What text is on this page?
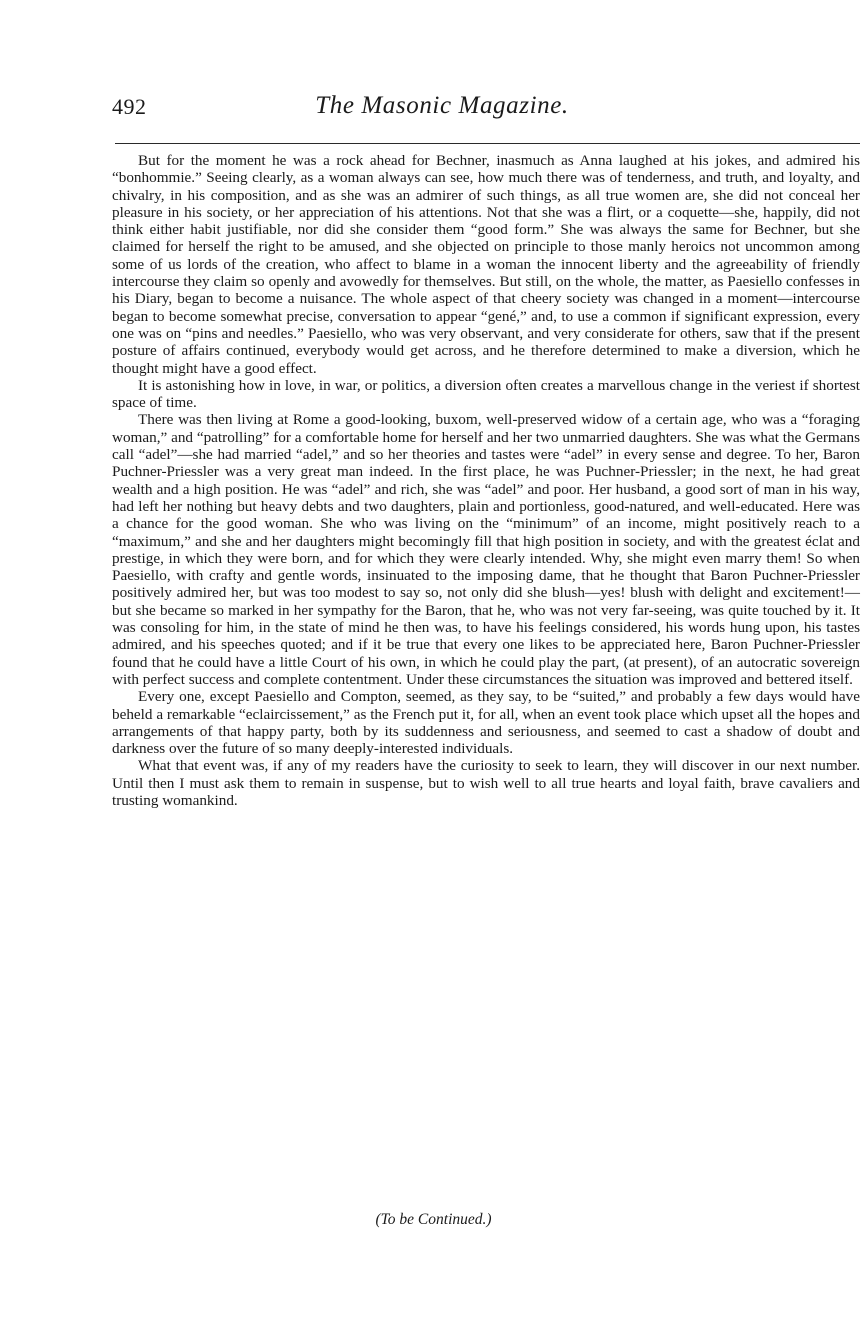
492	The Masonic Magazine.

But for the moment he was a rock ahead for Bechner, inasmuch as Anna laughed at his jokes, and admired his “bonhommie.” Seeing clearly, as a woman always can see, how much there was of tenderness, and truth, and loyalty, and chivalry, in his composition, and as she was an admirer of such things, as all true women are, she did not conceal her pleasure in his society, or her appreciation of his attentions. Not that she was a flirt, or a coquette—she, happily, did not think either habit justifiable, nor did she consider them “good form.” She was always the same for Bechner, but she claimed for herself the right to be amused, and she objected on principle to those manly heroics not uncommon among some of us lords of the creation, who affect to blame in a woman the innocent liberty and the agreeability of friendly intercourse they claim so openly and avowedly for themselves. But still, on the whole, the matter, as Paesiello confesses in his Diary, began to become a nuisance. The whole aspect of that cheery society was changed in a moment—intercourse began to become somewhat precise, conversation to appear “gené,” and, to use a common if significant expression, every one was on “pins and needles.” Paesiello, who was very observant, and very considerate for others, saw that if the present posture of affairs continued, everybody would get across, and he therefore determined to make a diversion, which he thought might have a good effect.

It is astonishing how in love, in war, or politics, a diversion often creates a marvellous change in the veriest if shortest space of time.

There was then living at Rome a good-looking, buxom, well-preserved widow of a certain age, who was a “foraging woman,” and “patrolling” for a comfortable home for herself and her two unmarried daughters. She was what the Germans call “adel”—she had married “adel,” and so her theories and tastes were “adel” in every sense and degree. To her, Baron Puchner-Priessler was a very great man indeed. In the first place, he was Puchner-Priessler; in the next, he had great wealth and a high position. He was “adel” and rich, she was “adel” and poor. Her husband, a good sort of man in his way, had left her nothing but heavy debts and two daughters, plain and portionless, good-natured, and well-educated. Here was a chance for the good woman. She who was living on the “minimum” of an income, might positively reach to a “maximum,” and she and her daughters might becomingly fill that high position in society, and with the greatest éclat and prestige, in which they were born, and for which they were clearly intended. Why, she might even marry them! So when Paesiello, with crafty and gentle words, insinuated to the imposing dame, that he thought that Baron Puchner-Priessler positively admired her, but was too modest to say so, not only did she blush—yes! blush with delight and excitement!—but she became so marked in her sympathy for the Baron, that he, who was not very far-seeing, was quite touched by it. It was consoling for him, in the state of mind he then was, to have his feelings considered, his words hung upon, his tastes admired, and his speeches quoted; and if it be true that every one likes to be appreciated here, Baron Puchner-Priessler found that he could have a little Court of his own, in which he could play the part, (at present), of an autocratic sovereign with perfect success and complete contentment. Under these circumstances the situation was improved and bettered itself.

Every one, except Paesiello and Compton, seemed, as they say, to be “suited,” and probably a few days would have beheld a remarkable “eclaircissement,” as the French put it, for all, when an event took place which upset all the hopes and arrangements of that happy party, both by its suddenness and seriousness, and seemed to cast a shadow of doubt and darkness over the future of so many deeply-interested individuals.

What that event was, if any of my readers have the curiosity to seek to learn, they will discover in our next number. Until then I must ask them to remain in suspense, but to wish well to all true hearts and loyal faith, brave cavaliers and trusting womankind.

(To be Continued.)
